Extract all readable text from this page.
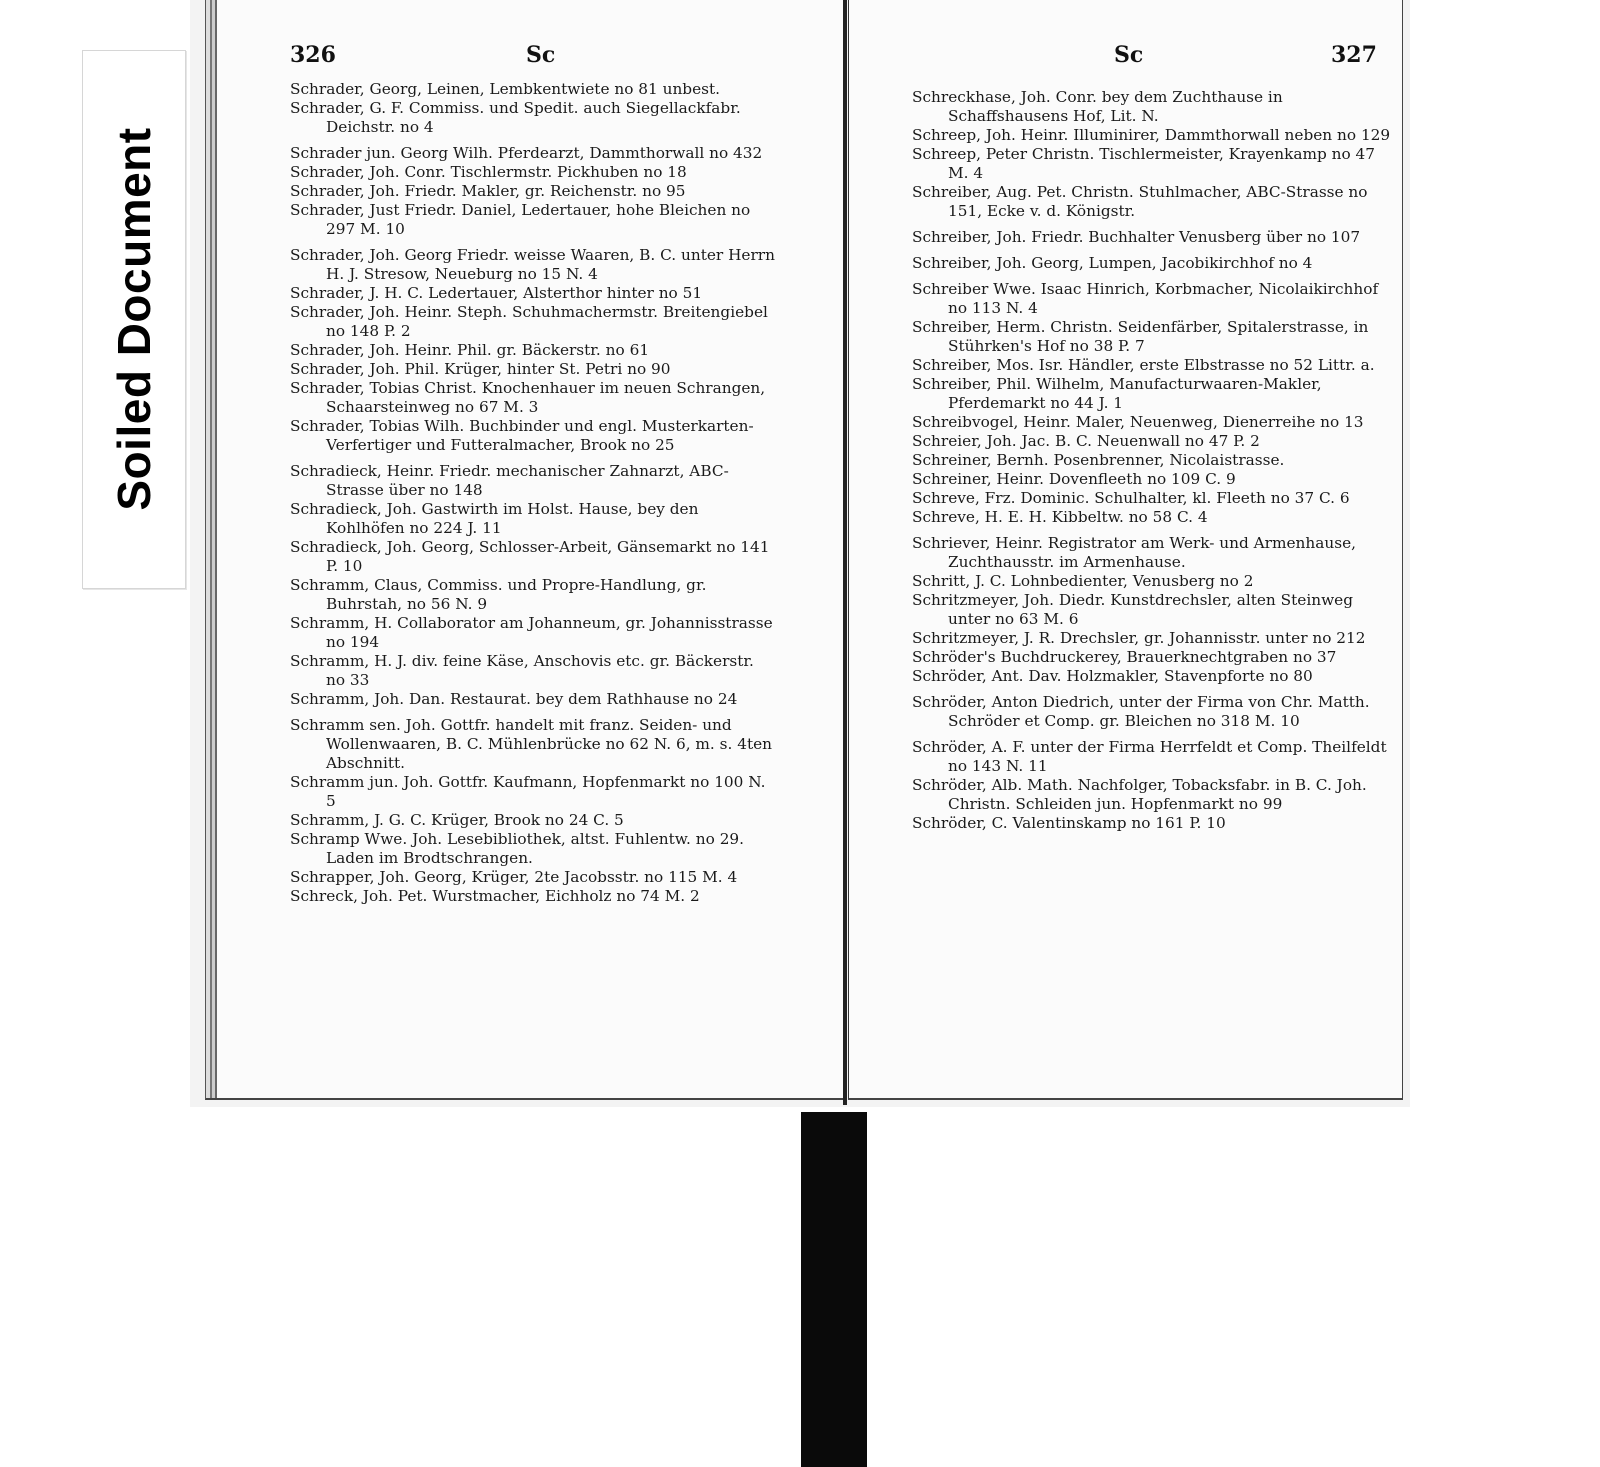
326	Sc

Schrader, Georg, Leinen, Lembkentwiete no 81 unbest.

Schrader, G. F. Commiss. und Spedit. auch Siegellackfabr. Deichstr. no 4

Schrader jun. Georg Wilh. Pferdearzt, Dammthorwall no 432

Schrader, Joh. Conr. Tischlermstr. Pickhuben no 18

Schrader, Joh. Friedr. Makler, gr. Reichenstr. no 95

Schrader, Just Friedr. Daniel, Ledertauer, hohe Bleichen no 297 M. 10

Schrader, Joh. Georg Friedr. weisse Waaren, B. C. unter Herrn H. J. Stresow, Neueburg no 15 N. 4

Schrader, J. H. C. Ledertauer, Alsterthor hinter no 51

Schrader, Joh. Heinr. Steph. Schuhmachermstr. Breitengiebel no 148 P. 2

Schrader, Joh. Heinr. Phil. gr. Bäckerstr. no 61

Schrader, Joh. Phil. Krüger, hinter St. Petri no 90

Schrader, Tobias Christ. Knochenhauer im neuen Schrangen, Schaarsteinweg no 67 M. 3

Schrader, Tobias Wilh. Buchbinder und engl. Musterkarten-Verfertiger und Futteralmacher, Brook no 25

Schradieck, Heinr. Friedr. mechanischer Zahnarzt, ABC-Strasse über no 148

Schradieck, Joh. Gastwirth im Holst. Hause, bey den Kohlhöfen no 224 J. 11

Schradieck, Joh. Georg, Schlosser-Arbeit, Gänsemarkt no 141 P. 10

Schramm, Claus, Commiss. und Propre-Handlung, gr. Buhrstah, no 56 N. 9

Schramm, H. Collaborator am Johanneum, gr. Johannisstrasse no 194

Schramm, H. J. div. feine Käse, Anschovis etc. gr. Bäckerstr. no 33

Schramm, Joh. Dan. Restaurat. bey dem Rathhause no 24

Schramm sen. Joh. Gottfr. handelt mit franz. Seiden- und Wollenwaaren, B. C. Mühlenbrücke no 62 N. 6, m. s. 4ten Abschnitt.

Schramm jun. Joh. Gottfr. Kaufmann, Hopfenmarkt no 100 N. 5

Schramm, J. G. C. Krüger, Brook no 24 C. 5

Schramp Wwe. Joh. Lesebibliothek, altst. Fuhlentw. no 29. Laden im Brodtschrangen.

Schrapper, Joh. Georg, Krüger, 2te Jacobsstr. no 115 M. 4

Schreck, Joh. Pet. Wurstmacher, Eichholz no 74 M. 2

Sc	327

Schreckhase, Joh. Conr. bey dem Zuchthause in Schaffshausens Hof, Lit. N.

Schreep, Joh. Heinr. Illuminirer, Dammthorwall neben no 129

Schreep, Peter Christn. Tischlermeister, Krayenkamp no 47 M. 4

Schreiber, Aug. Pet. Christn. Stuhlmacher, ABC-Strasse no 151, Ecke v. d. Königstr.

Schreiber, Joh. Friedr. Buchhalter Venusberg über no 107

Schreiber, Joh. Georg, Lumpen, Jacobikirchhof no 4

Schreiber Wwe. Isaac Hinrich, Korbmacher, Nicolaikirchhof no 113 N. 4

Schreiber, Herm. Christn. Seidenfärber, Spitalerstrasse, in Stührken's Hof no 38 P. 7

Schreiber, Mos. Isr. Händler, erste Elbstrasse no 52 Littr. a.

Schreiber, Phil. Wilhelm, Manufacturwaaren-Makler, Pferdemarkt no 44 J. 1

Schreibvogel, Heinr. Maler, Neuenweg, Dienerreihe no 13

Schreier, Joh. Jac. B. C. Neuenwall no 47 P. 2

Schreiner, Bernh. Posenbrenner, Nicolaistrasse.

Schreiner, Heinr. Dovenfleeth no 109 C. 9

Schreve, Frz. Dominic. Schulhalter, kl. Fleeth no 37 C. 6

Schreve, H. E. H. Kibbeltw. no 58 C. 4

Schriever, Heinr. Registrator am Werk- und Armenhause, Zuchthausstr. im Armenhause.

Schritt, J. C. Lohnbedienter, Venusberg no 2

Schritzmeyer, Joh. Diedr. Kunstdrechsler, alten Steinweg unter no 63 M. 6

Schritzmeyer, J. R. Drechsler, gr. Johannisstr. unter no 212

Schröder's Buchdruckerey, Brauerknechtgraben no 37

Schröder, Ant. Dav. Holzmakler, Stavenpforte no 80

Schröder, Anton Diedrich, unter der Firma von Chr. Matth. Schröder et Comp. gr. Bleichen no 318 M. 10

Schröder, A. F. unter der Firma Herrfeldt et Comp. Theilfeldt no 143 N. 11

Schröder, Alb. Math. Nachfolger, Tobacksfabr. in B. C. Joh. Christn. Schleiden jun. Hopfenmarkt no 99

Schröder, C. Valentinskamp no 161 P. 10

Soiled Document
